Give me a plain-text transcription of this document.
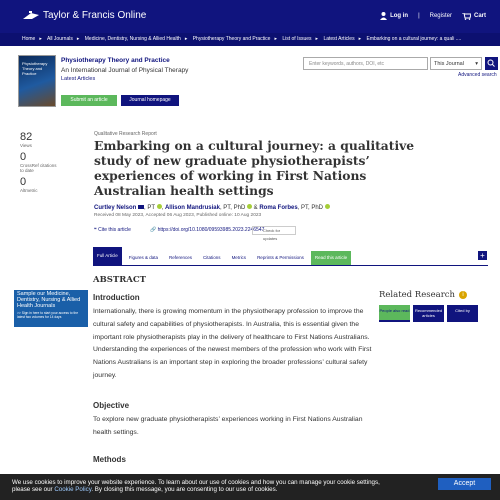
Taylor & Francis Online	Log in | Register	Cart
Home ▸ All Journals ▸ Medicine, Dentistry, Nursing & Allied Health ▸ Physiotherapy Theory and Practice ▸ List of Issues ▸ Latest Articles ▸ Embarking on a cultural journey: a quali ....
Physiotherapy Theory and Practice
Physiotherapy Theory and Practice
An International Journal of Physical Therapy
Latest Articles
Submit an article	Journal homepage
Enter keywords, authors, DOI, etc	This Journal ▾
Advanced search
82
Views
0
CrossRef citations to date
0
Altmetric
Qualitative Research Report
Embarking on a cultural journey: a qualitative study of new graduate physiotherapists’ experiences of working in First Nations Australian health settings
Curtley Nelson , PT , Allison Mandrusiak, PT, PhD & Roma Forbes, PT, PhD
Received 08 May 2023, Accepted 06 Aug 2023, Published online: 10 Aug 2023
❝ Cite this article	🔗 https://doi.org/10.1080/09593985.2023.2246547
Check for updates
Full Article	Figures & data	References	Citations	Metrics	Reprints & Permissions	Read this article	+
ABSTRACT
Introduction
Internationally, there is growing momentum in the physiotherapy profession to improve the cultural safety and capabilities of physiotherapists. In Australia, this is essential given the important role physiotherapists play in the delivery of healthcare to First Nations Australians. Understanding the experiences of the newest members of the profession who work with First Nations Australians is an important step in exploring the broader professions’ cultural safety journey.
Objective
To explore new graduate physiotherapists’ experiences working in First Nations Australian health settings.
Methods
Sample our Medicine, Dentistry, Nursing & Allied Health Journals
>> Sign in here to start your access to the latest two volumes for 14 days
Related Research	i
People also read	Recommended articles
Cited by
We use cookies to improve your website experience. To learn about our use of cookies and how you can manage your cookie settings,
please see our Cookie Policy. By closing this message, you are consenting to our use of cookies.
Accept
